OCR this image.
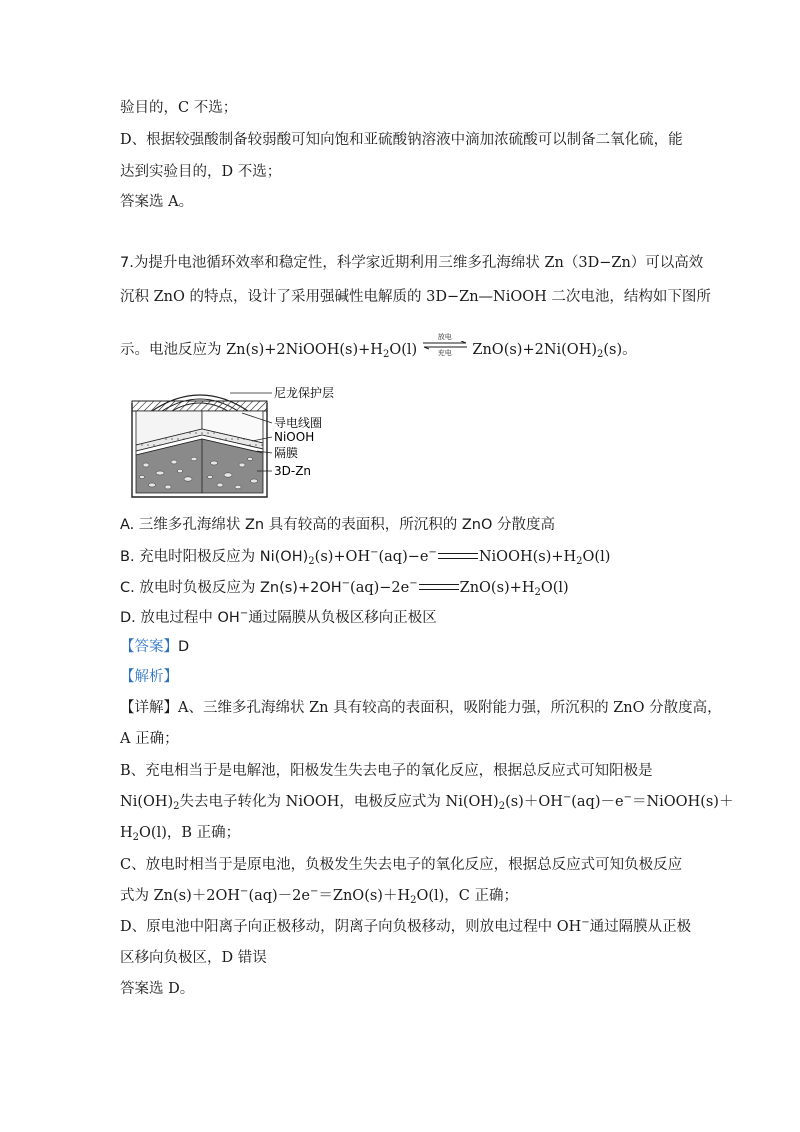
验目的，C 不选；
D、根据较强酸制备较弱酸可知向饱和亚硫酸钠溶液中滴加浓硫酸可以制备二氧化硫，能
达到实验目的，D 不选；
答案选 A。
7.为提升电池循环效率和稳定性，科学家近期利用三维多孔海绵状 Zn（3D−Zn）可以高效
沉积 ZnO 的特点，设计了采用强碱性电解质的 3D−Zn—NiOOH 二次电池，结构如下图所
示。电池反应为 $Zn(s)+2NiOOH(s)+H_2O(l)$
放电
充电	$ZnO(s)+2Ni(OH)_2(s)$。
尼龙保护层
导电线圈
NiOOH
隔膜
3D-Zn
A. 三维多孔海绵状 Zn 具有较高的表面积，所沉积的 ZnO 分散度高
B. 充电时阳极反应为 $Ni(OH)_2(s)+OH^-(aq)-e^-$	$NiOOH(s)+H_2O(l)$
C. 放电时负极反应为 Zn(s)+2OH−(aq)−2e−	$ZnO(s)+H_2O(l)$
D. 放电过程中 OH−通过隔膜从负极区移向正极区
【答案】D
【解析】
【详解】A、三维多孔海绵状 Zn 具有较高的表面积，吸附能力强，所沉积的 ZnO 分散度高，
A 正确；
B、充电相当于是电解池，阳极发生失去电子的氧化反应，根据总反应式可知阳极是
$Ni(OH)_2$失去电子转化为 NiOOH，电极反应式为 $Ni(OH)_2(s)+OH^-(aq)-e^-=NiOOH(s)+$
$H_2O(l)$，B 正确；
C、放电时相当于是原电池，负极发生失去电子的氧化反应，根据总反应式可知负极反应
式为 $Zn(s)+2OH^-(aq)-2e^-=ZnO(s)+H_2O(l)$，C 正确；
D、原电池中阳离子向正极移动，阴离子向负极移动，则放电过程中 OH−通过隔膜从正极
区移向负极区，D 错误
答案选 D。
